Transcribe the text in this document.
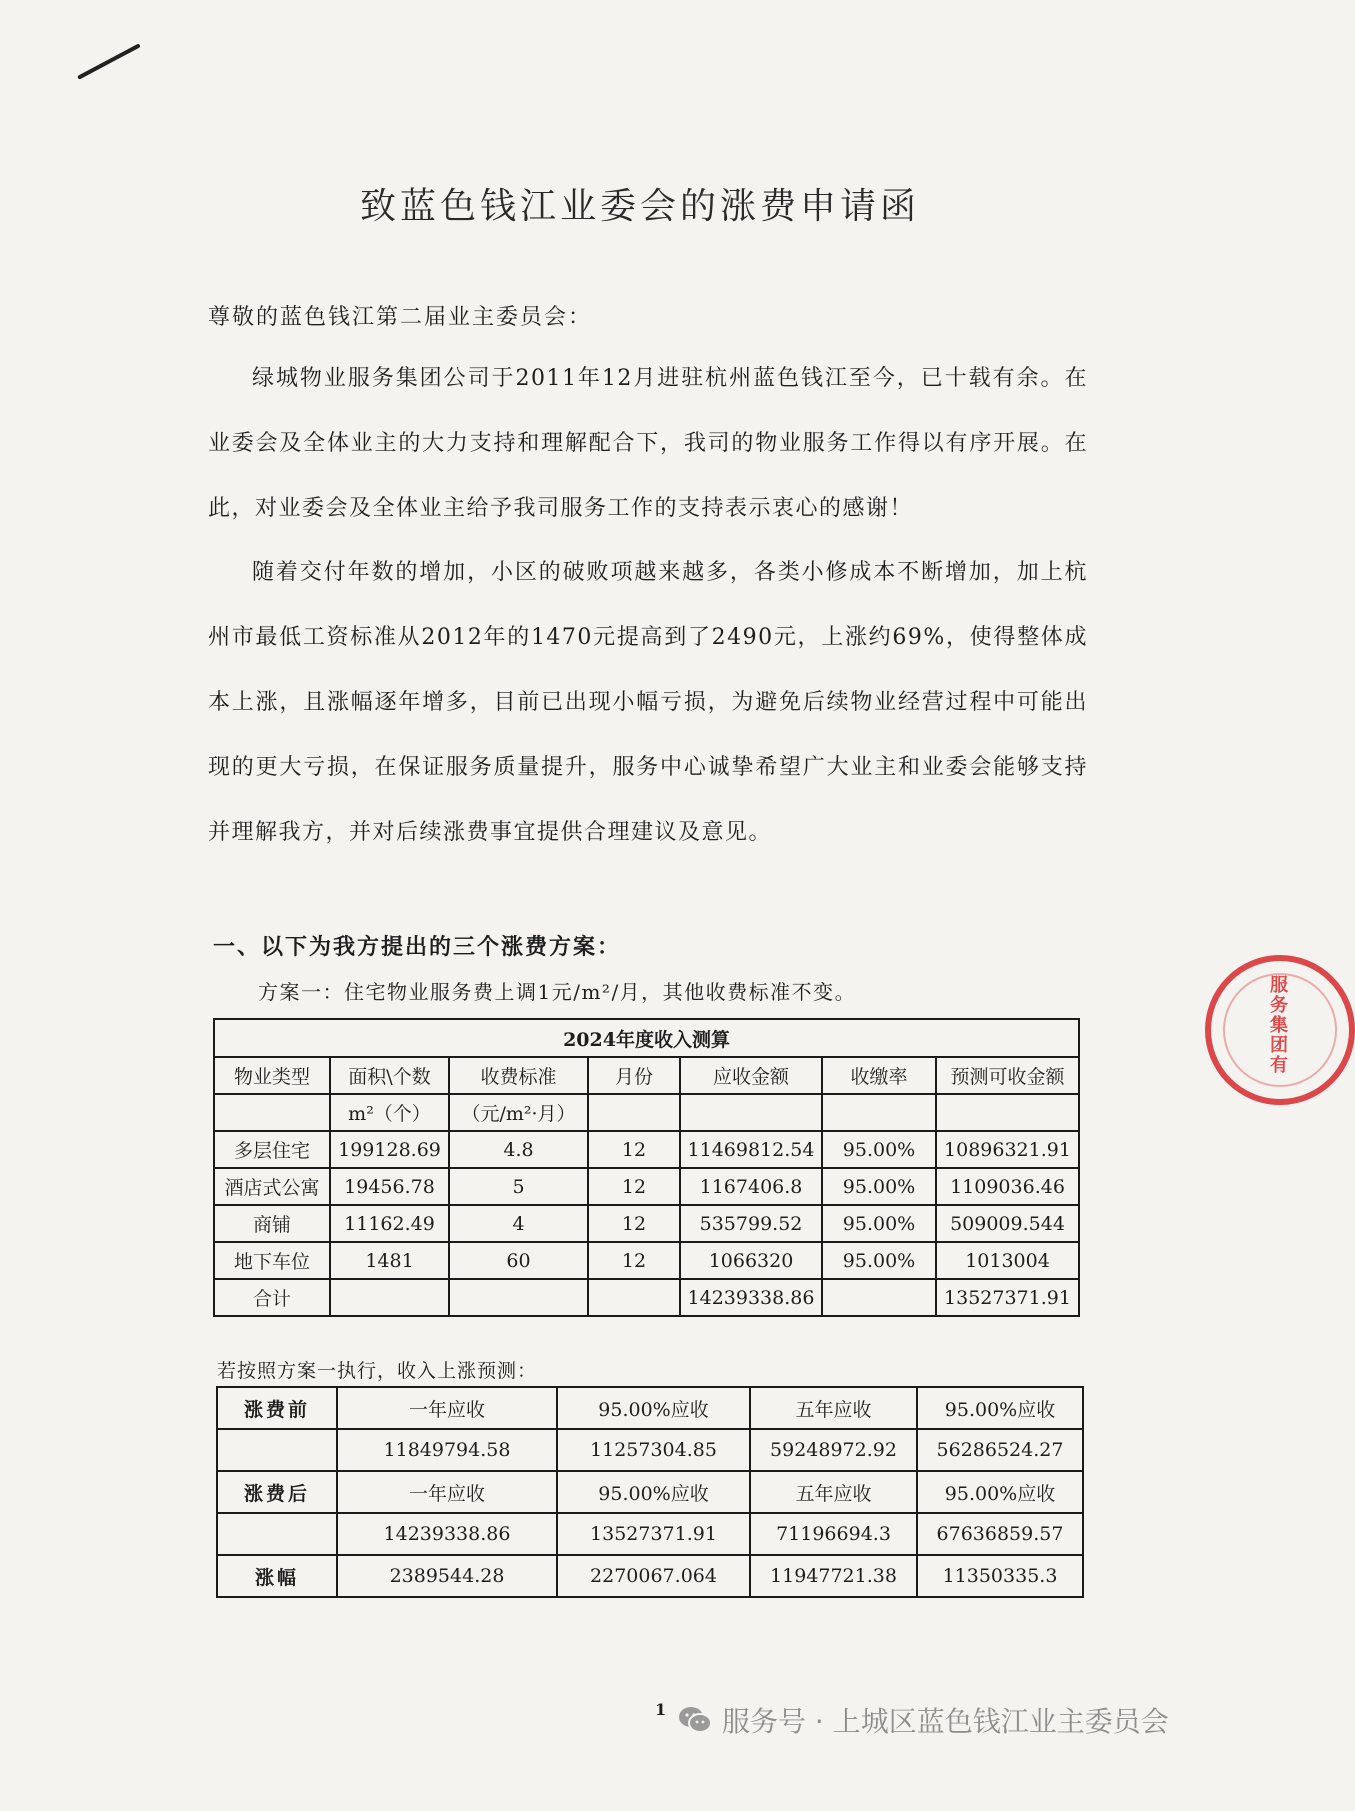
致蓝色钱江业委会的涨费申请函
尊敬的蓝色钱江第二届业主委员会：

绿城物业服务集团公司于2011年12月进驻杭州蓝色钱江至今，已十载有余。在业委会及全体业主的大力支持和理解配合下，我司的物业服务工作得以有序开展。在此，对业委会及全体业主给予我司服务工作的支持表示衷心的感谢！

随着交付年数的增加，小区的破败项越来越多，各类小修成本不断增加，加上杭州市最低工资标准从2012年的1470元提高到了2490元，上涨约69%，使得整体成本上涨，且涨幅逐年增多，目前已出现小幅亏损，为避免后续物业经营过程中可能出现的更大亏损，在保证服务质量提升，服务中心诚挚希望广大业主和业委会能够支持并理解我方，并对后续涨费事宜提供合理建议及意见。

一、以下为我方提出的三个涨费方案：
方案一：住宅物业服务费上调1元/m²/月，其他收费标准不变。
2024年度收入测算						
物业类型	面积\个数	收费标准	月份	应收金额	收缴率	预测可收金额
	m²（个）	（元/m²·月）				
多层住宅	199128.69	4.8	12	11469812.54	95.00%	10896321.91
酒店式公寓	19456.78	5	12	1167406.8	95.00%	1109036.46
商铺	11162.49	4	12	535799.52	95.00%	509009.544
地下车位	1481	60	12	1066320	95.00%	1013004
合计				14239338.86		13527371.91
若按照方案一执行，收入上涨预测：
涨费前	一年应收	95.00%应收	五年应收	95.00%应收
	11849794.58	11257304.85	59248972.92	56286524.27
涨费后	一年应收	95.00%应收	五年应收	95.00%应收
	14239338.86	13527371.91	71196694.3	67636859.57
涨幅	2389544.28	2270067.064	11947721.38	11350335.3
服务集团有
1 服务号 · 上城区蓝色钱江业主委员会
